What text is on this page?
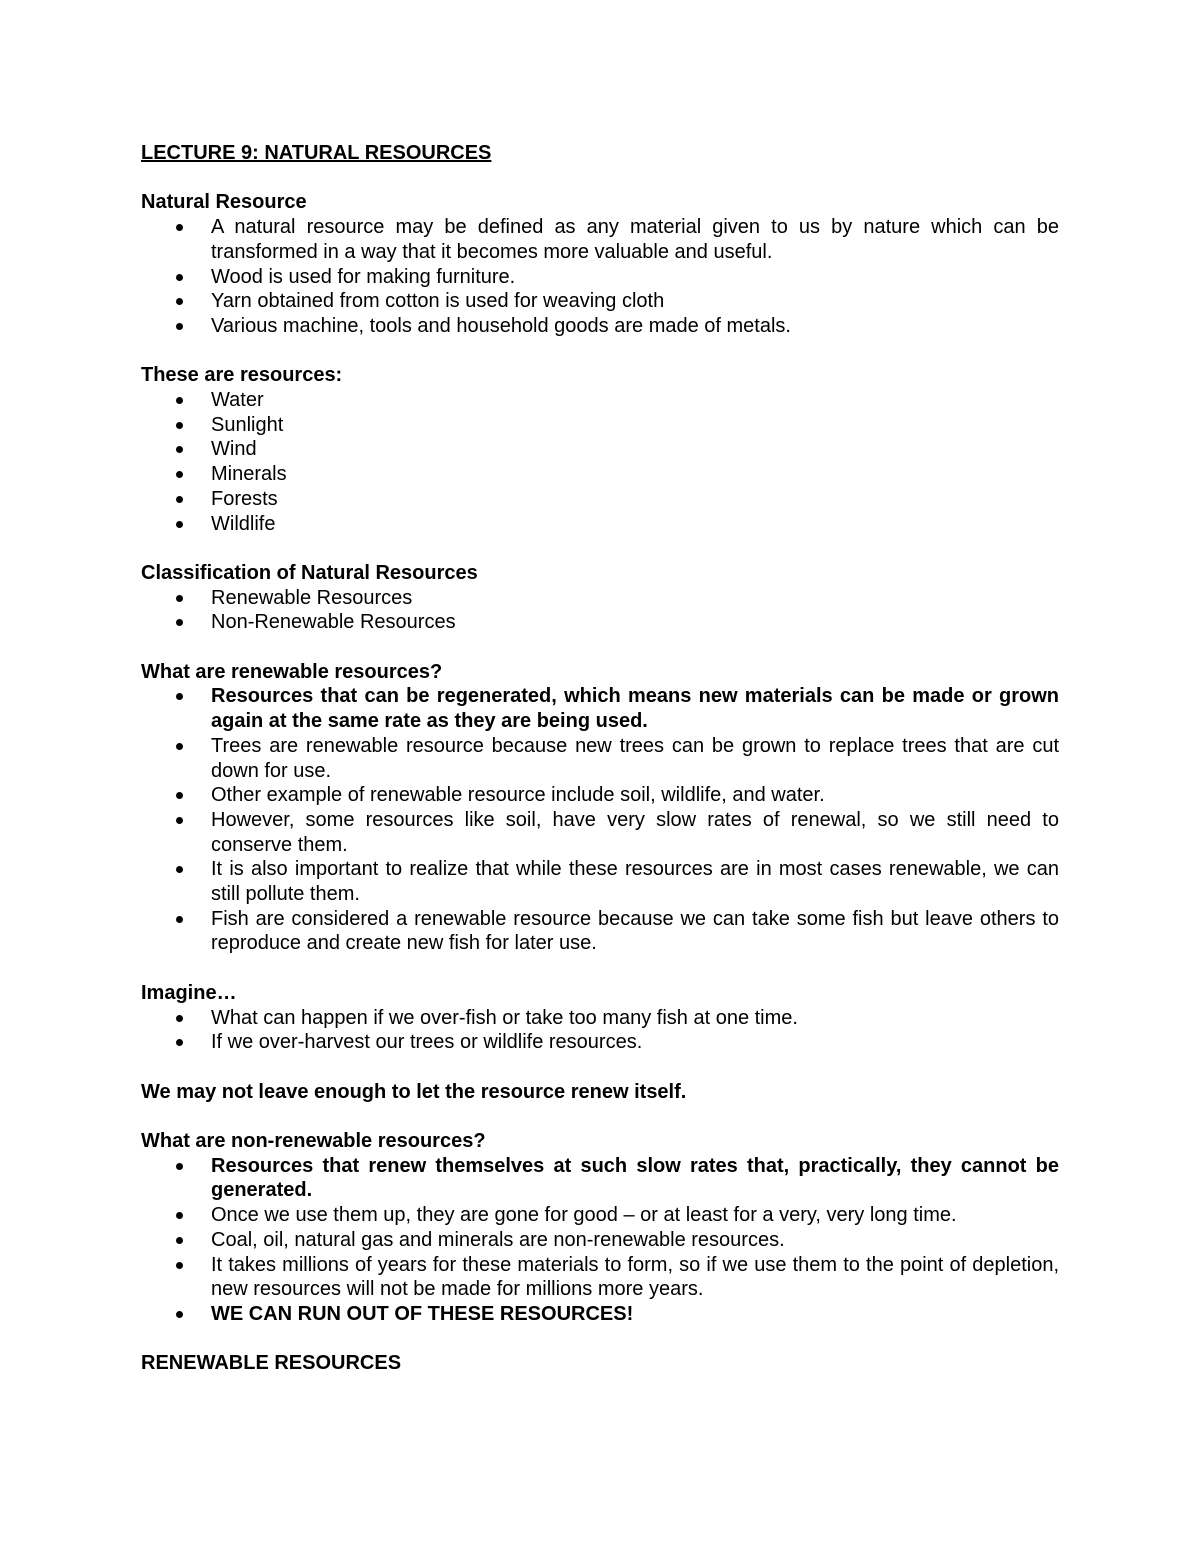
LECTURE 9: NATURAL RESOURCES

Natural Resource

A natural resource may be defined as any material given to us by nature which can be transformed in a way that it becomes more valuable and useful.
Wood is used for making furniture.
Yarn obtained from cotton is used for weaving cloth
Various machine, tools and household goods are made of metals.

These are resources:

Water
Sunlight
Wind
Minerals
Forests
Wildlife

Classification of Natural Resources

Renewable Resources
Non-Renewable Resources

What are renewable resources?

Resources that can be regenerated, which means new materials can be made or grown again at the same rate as they are being used.
Trees are renewable resource because new trees can be grown to replace trees that are cut down for use.
Other example of renewable resource include soil, wildlife, and water.
However, some resources like soil, have very slow rates of renewal, so we still need to conserve them.
It is also important to realize that while these resources are in most cases renewable, we can still pollute them.
Fish are considered a renewable resource because we can take some fish but leave others to reproduce and create new fish for later use.

Imagine…

What can happen if we over-fish or take too many fish at one time.
If we over-harvest our trees or wildlife resources.

We may not leave enough to let the resource renew itself.

What are non-renewable resources?

Resources that renew themselves at such slow rates that, practically, they cannot be generated.
Once we use them up, they are gone for good – or at least for a very, very long time.
Coal, oil, natural gas and minerals are non-renewable resources.
It takes millions of years for these materials to form, so if we use them to the point of depletion, new resources will not be made for millions more years.
WE CAN RUN OUT OF THESE RESOURCES!

RENEWABLE RESOURCES
